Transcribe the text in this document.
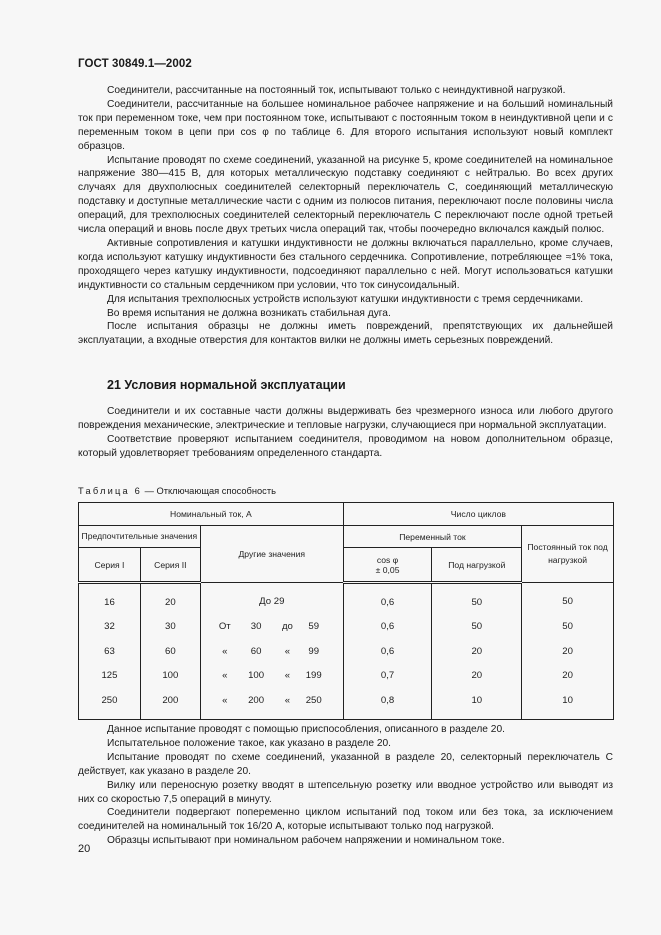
ГОСТ 30849.1—2002

Соединители, рассчитанные на постоянный ток, испытывают только с неиндуктивной нагрузкой.

Соединители, рассчитанные на большее номинальное рабочее напряжение и на больший номинальный ток при переменном токе, чем при постоянном токе, испытывают с постоянным током в неиндуктивной цепи и с переменным током в цепи при cos φ по таблице 6. Для второго испытания используют новый комплект образцов.

Испытание проводят по схеме соединений, указанной на рисунке 5, кроме соединителей на номинальное напряжение 380—415 В, для которых металлическую подставку соединяют с нейтралью. Во всех других случаях для двухполюсных соединителей селекторный переключатель С, соединяющий металлическую подставку и доступные металлические части с одним из полюсов питания, переключают после половины числа операций, для трехполюсных соединителей селекторный переключатель С переключают после одной третьей числа операций и вновь после двух третьих числа операций так, чтобы поочередно включался каждый полюс.

Активные сопротивления и катушки индуктивности не должны включаться параллельно, кроме случаев, когда используют катушку индуктивности без стального сердечника. Сопротивление, потребляющее ≈1% тока, проходящего через катушку индуктивности, подсоединяют параллельно с ней. Могут использоваться катушки индуктивности со стальным сердечником при условии, что ток синусоидальный.

Для испытания трехполюсных устройств используют катушки индуктивности с тремя сердечниками.

Во время испытания не должна возникать стабильная дуга.

После испытания образцы не должны иметь повреждений, препятствующих их дальнейшей эксплуатации, а входные отверстия для контактов вилки не должны иметь серьезных повреждений.

21 Условия нормальной эксплуатации

Соединители и их составные части должны выдерживать без чрезмерного износа или любого другого повреждения механические, электрические и тепловые нагрузки, случающиеся при нормальной эксплуатации.

Соответствие проверяют испытанием соединителя, проводимом на новом дополнительном образце, который удовлетворяет требованиям определенного стандарта.

Таблица 6 — Отключающая способность
Номинальный ток, А			Число циклов		
Предпочтительные значения		Другие значения	Переменный ток		Постоянный ток под нагрузкой
Серия I	Серия II		cos φ
± 0,05	Под нагрузкой	
16	20	До 29	0,6	50	50
32	30	От 30 до 59	0,6	50	50
63	60	« 60 « 99	0,6	20	20
125	100	« 100 « 199	0,7	20	20
250	200	« 200 « 250	0,8	10	10

Данное испытание проводят с помощью приспособления, описанного в разделе 20.

Испытательное положение такое, как указано в разделе 20.

Испытание проводят по схеме соединений, указанной в разделе 20, селекторный переключатель С действует, как указано в разделе 20.

Вилку или переносную розетку вводят в штепсельную розетку или вводное устройство или выводят из них со скоростью 7,5 операций в минуту.

Соединители подвергают попеременно циклом испытаний под током или без тока, за исключением соединителей на номинальный ток 16/20 А, которые испытывают только под нагрузкой.

Образцы испытывают при номинальном рабочем напряжении и номинальном токе.

20
